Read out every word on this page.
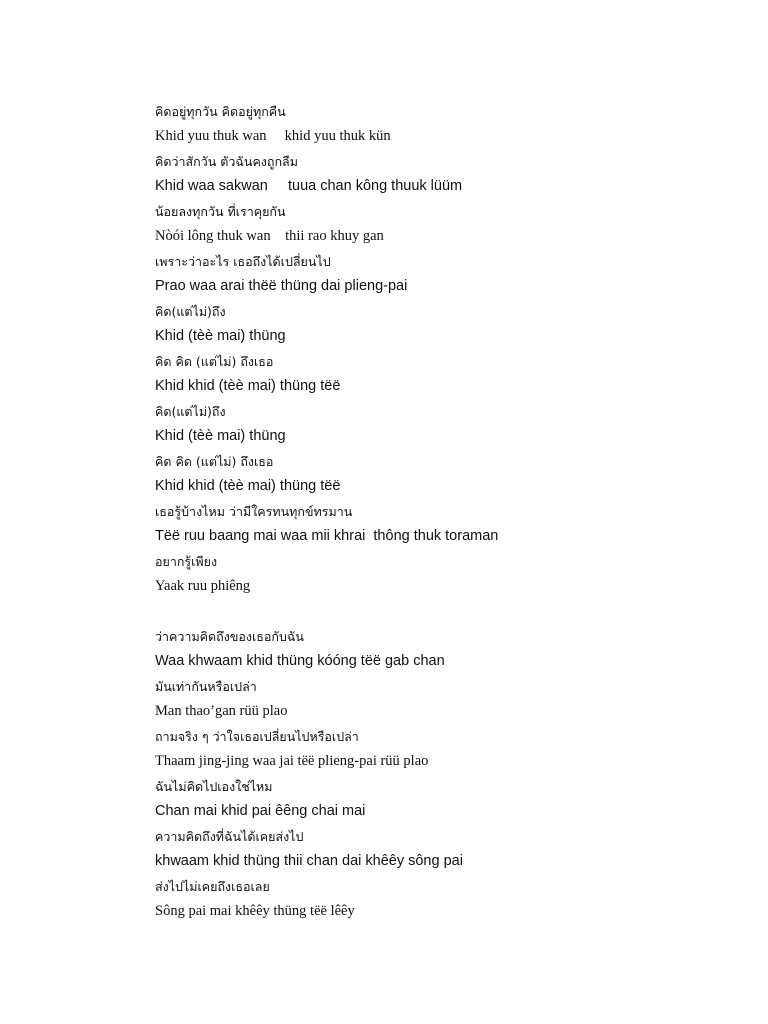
คิดอยู่ทุกวัน คิดอยู่ทุกคืน
Khid yuu thuk wan     khid yuu thuk kün
คิดว่าสักวัน ตัวฉันคงถูกลืม
Khid waa sakwan     tuua chan kông thuuk lüüm
น้อยลงทุกวัน ที่เราคุยกัน
Nòói lông thuk wan    thii rao khuy gan
เพราะว่าอะไร เธอถึงได้เปลี่ยนไป
Prao waa arai thëë thüng dai plieng-pai
คิด(แต่ไม่)ถึง
Khid (tèè mai) thüng
คิด คิด (แต่ไม่) ถึงเธอ
Khid khid (tèè mai) thüng tëë
คิด(แต่ไม่)ถึง
Khid (tèè mai) thüng
คิด คิด (แต่ไม่) ถึงเธอ
Khid khid (tèè mai) thüng tëë
เธอรู้บ้างไหม ว่ามีใครทนทุกข์ทรมาน
Tëë ruu baang mai waa mii khrai  thông thuk toraman
อยากรู้เพียง
Yaak ruu phiêng
ว่าความคิดถึงของเธอกับฉัน
Waa khwaam khid thüng kóóng tëë gab chan
มันเท่ากันหรือเปล่า
Man thao’gan rüü plao
ถามจริง ๆ ว่าใจเธอเปลี่ยนไปหรือเปล่า
Thaam jing-jing waa jai tëë plieng-pai rüü plao
ฉันไม่คิดไปเองใช่ไหม
Chan mai khid pai êêng chai mai
ความคิดถึงที่ฉันได้เคยส่งไป
khwaam khid thüng thii chan dai khêêy sông pai
ส่งไปไม่เคยถึงเธอเลย
Sông pai mai khêêy thüng tëë lêêy
